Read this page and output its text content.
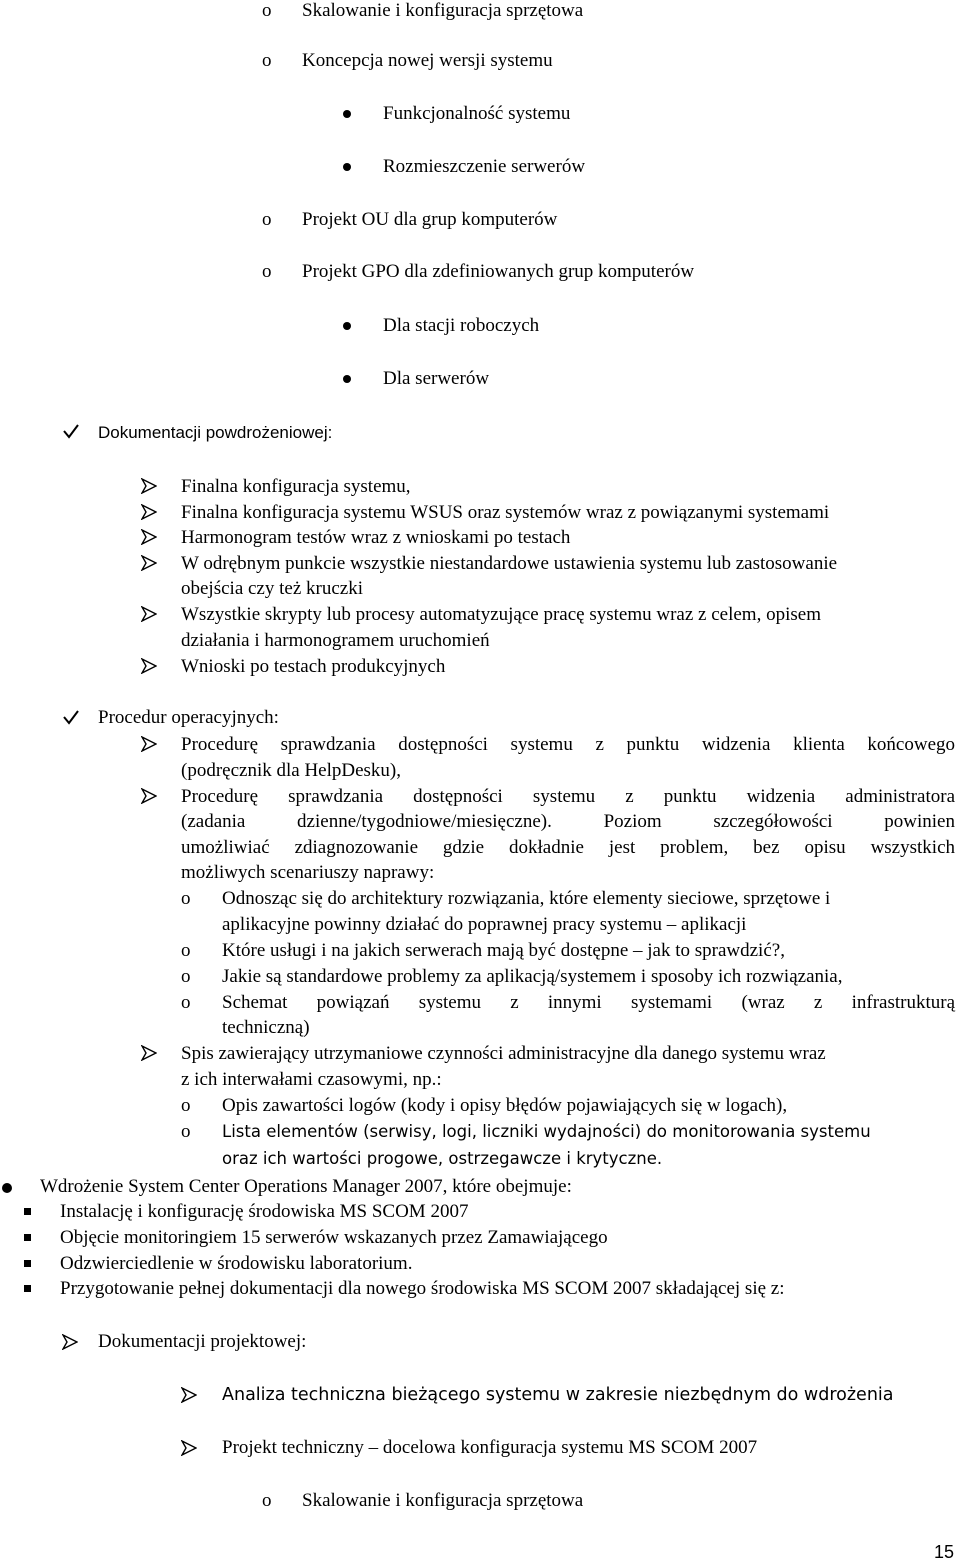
o Skalowanie i konfiguracja sprzętowa
o Koncepcja nowej wersji systemu
Funkcjonalność systemu
Rozmieszczenie serwerów
o Projekt OU dla grup komputerów
o Projekt GPO dla zdefiniowanych grup komputerów
Dla stacji roboczych
Dla serwerów
Dokumentacji powdrożeniowej:
Finalna konfiguracja systemu,
Finalna konfiguracja systemu WSUS oraz systemów wraz z powiązanymi systemami
Harmonogram testów wraz z wnioskami po testach
W odrębnym punkcie wszystkie niestandardowe ustawienia systemu lub zastosowanie
obejścia czy też kruczki
Wszystkie skrypty lub procesy automatyzujące pracę systemu wraz z celem, opisem
działania i harmonogramem uruchomień
Wnioski po testach produkcyjnych
Procedur operacyjnych:
Procedurę sprawdzania dostępności systemu z punktu widzenia klienta końcowego
(podręcznik dla HelpDesku),
Procedurę sprawdzania dostępności systemu z punktu widzenia administratora
(zadania dzienne/tygodniowe/miesięczne). Poziom szczegółowości powinien
umożliwiać zdiagnozowanie gdzie dokładnie jest problem, bez opisu wszystkich
możliwych scenariuszy naprawy:
o Odnosząc się do architektury rozwiązania, które elementy sieciowe, sprzętowe i
aplikacyjne powinny działać do poprawnej pracy systemu – aplikacji
o Które usługi i na jakich serwerach mają być dostępne – jak to sprawdzić?,
o Jakie są standardowe problemy za aplikacją/systemem i sposoby ich rozwiązania,
o Schemat powiązań systemu z innymi systemami (wraz z infrastrukturą
techniczną)
Spis zawierający utrzymaniowe czynności administracyjne dla danego systemu wraz
z ich interwałami czasowymi, np.:
o Opis zawartości logów (kody i opisy błędów pojawiających się w logach),
o Lista elementów (serwisy, logi, liczniki wydajności) do monitorowania systemu
oraz ich wartości progowe, ostrzegawcze i krytyczne.
Wdrożenie System Center Operations Manager 2007, które obejmuje:
Instalację i konfigurację środowiska MS SCOM 2007
Objęcie monitoringiem 15 serwerów wskazanych przez Zamawiającego
Odzwierciedlenie w środowisku laboratorium.
Przygotowanie pełnej dokumentacji dla nowego środowiska MS SCOM 2007 składającej się z:
Dokumentacji projektowej:
Analiza techniczna bieżącego systemu w zakresie niezbędnym do wdrożenia
Projekt techniczny – docelowa konfiguracja systemu MS SCOM 2007
o Skalowanie i konfiguracja sprzętowa
15
